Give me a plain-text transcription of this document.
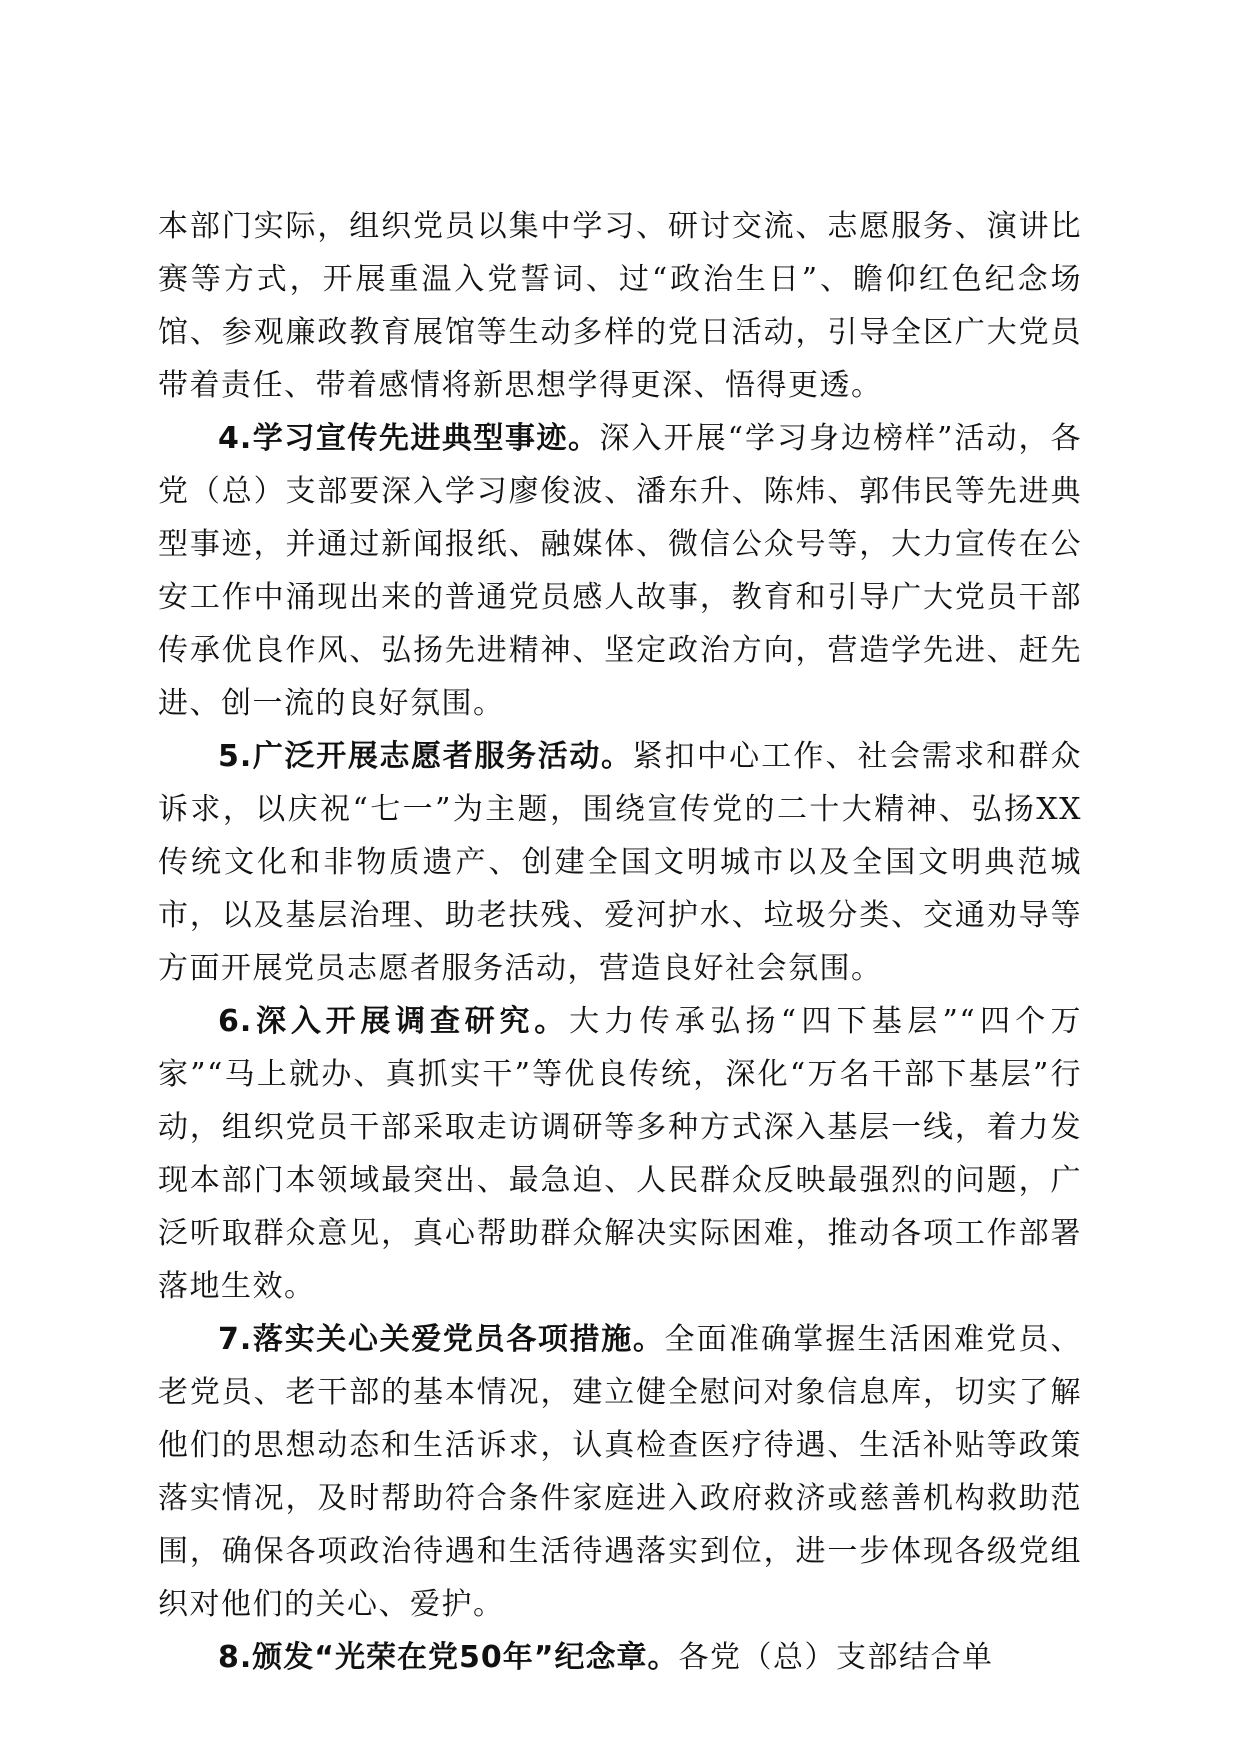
本部门实际，组织党员以集中学习、研讨交流、志愿服务、演讲比赛等方式，开展重温入党誓词、过“政治生日”、瞻仰红色纪念场馆、参观廉政教育展馆等生动多样的党日活动，引导全区广大党员带着责任、带着感情将新思想学得更深、悟得更透。

4.学习宣传先进典型事迹。深入开展“学习身边榜样”活动，各党（总）支部要深入学习廖俊波、潘东升、陈炜、郭伟民等先进典型事迹，并通过新闻报纸、融媒体、微信公众号等，大力宣传在公安工作中涌现出来的普通党员感人故事，教育和引导广大党员干部传承优良作风、弘扬先进精神、坚定政治方向，营造学先进、赶先进、创一流的良好氛围。

5.广泛开展志愿者服务活动。紧扣中心工作、社会需求和群众诉求，以庆祝“七一”为主题，围绕宣传党的二十大精神、弘扬XX传统文化和非物质遗产、创建全国文明城市以及全国文明典范城市，以及基层治理、助老扶残、爱河护水、垃圾分类、交通劝导等方面开展党员志愿者服务活动，营造良好社会氛围。

6.深入开展调查研究。大力传承弘扬“四下基层”“四个万家”“马上就办、真抓实干”等优良传统，深化“万名干部下基层”行动，组织党员干部采取走访调研等多种方式深入基层一线，着力发现本部门本领域最突出、最急迫、人民群众反映最强烈的问题，广泛听取群众意见，真心帮助群众解决实际困难，推动各项工作部署落地生效。

7.落实关心关爱党员各项措施。全面准确掌握生活困难党员、老党员、老干部的基本情况，建立健全慰问对象信息库，切实了解他们的思想动态和生活诉求，认真检查医疗待遇、生活补贴等政策落实情况，及时帮助符合条件家庭进入政府救济或慈善机构救助范围，确保各项政治待遇和生活待遇落实到位，进一步体现各级党组织对他们的关心、爱护。

8.颁发“光荣在党50年”纪念章。各党（总）支部结合单
